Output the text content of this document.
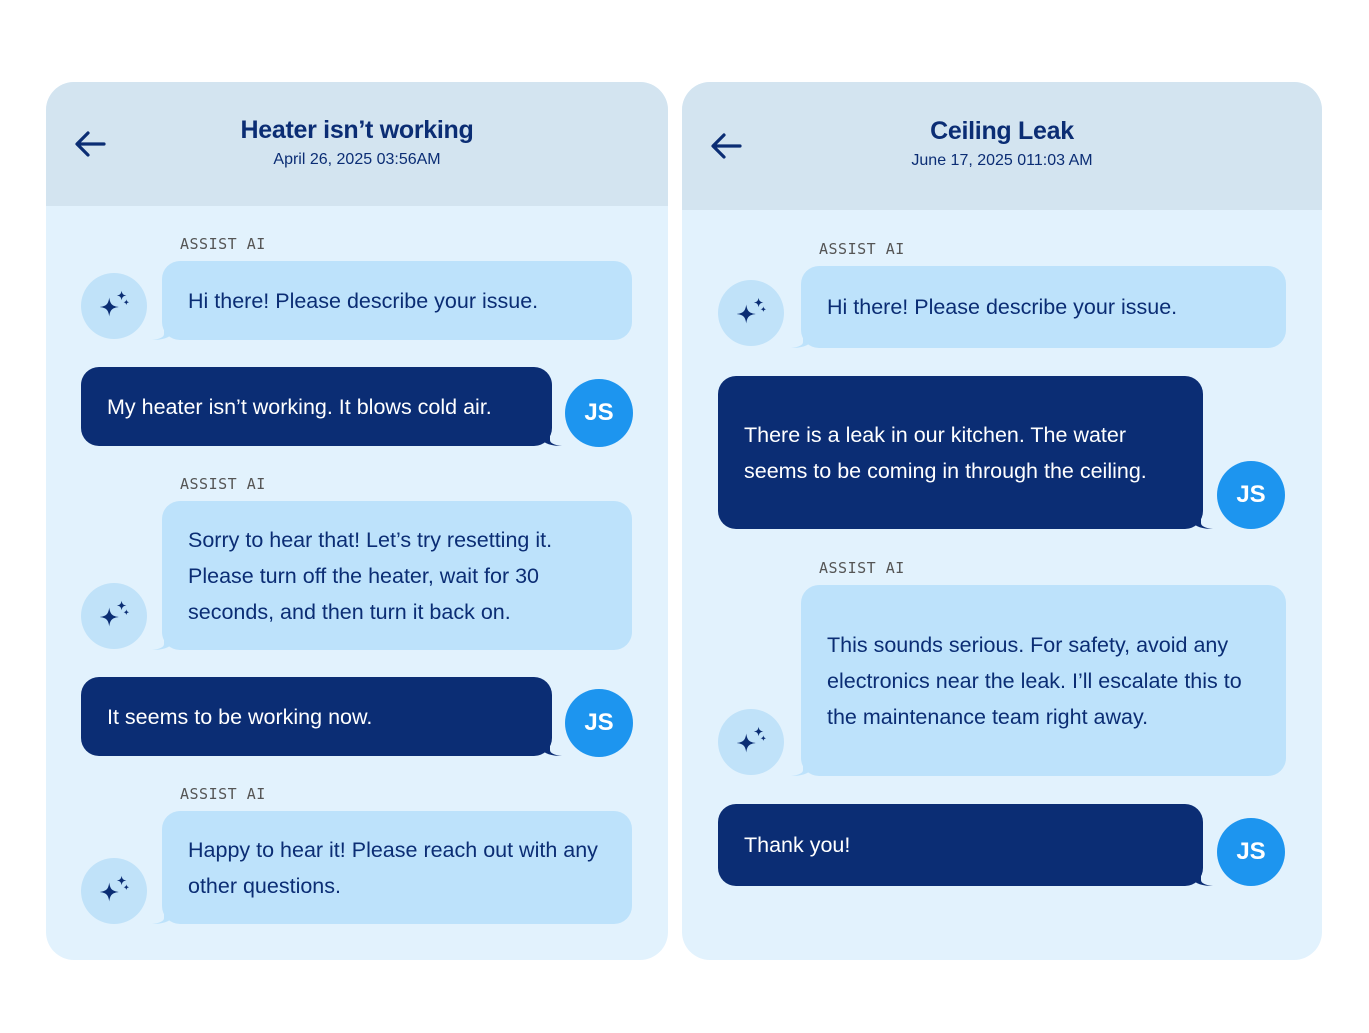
Heater isn’t working
April 26, 2025 03:56AM
ASSIST AI
Hi there! Please describe your issue.
My heater isn’t working. It blows cold air.	JS
ASSIST AI
Sorry to hear that! Let’s try resetting it. Please turn off the heater, wait for 30 seconds, and then turn it back on.
It seems to be working now.	JS
ASSIST AI
Happy to hear it! Please reach out with any other questions.
Ceiling Leak
June 17, 2025 011:03 AM
ASSIST AI
Hi there! Please describe your issue.
There is a leak in our kitchen. The water seems to be coming in through the ceiling.
JS
ASSIST AI
This sounds serious. For safety, avoid any electronics near the leak. I’ll escalate this to the maintenance team right away.
Thank you!	JS
